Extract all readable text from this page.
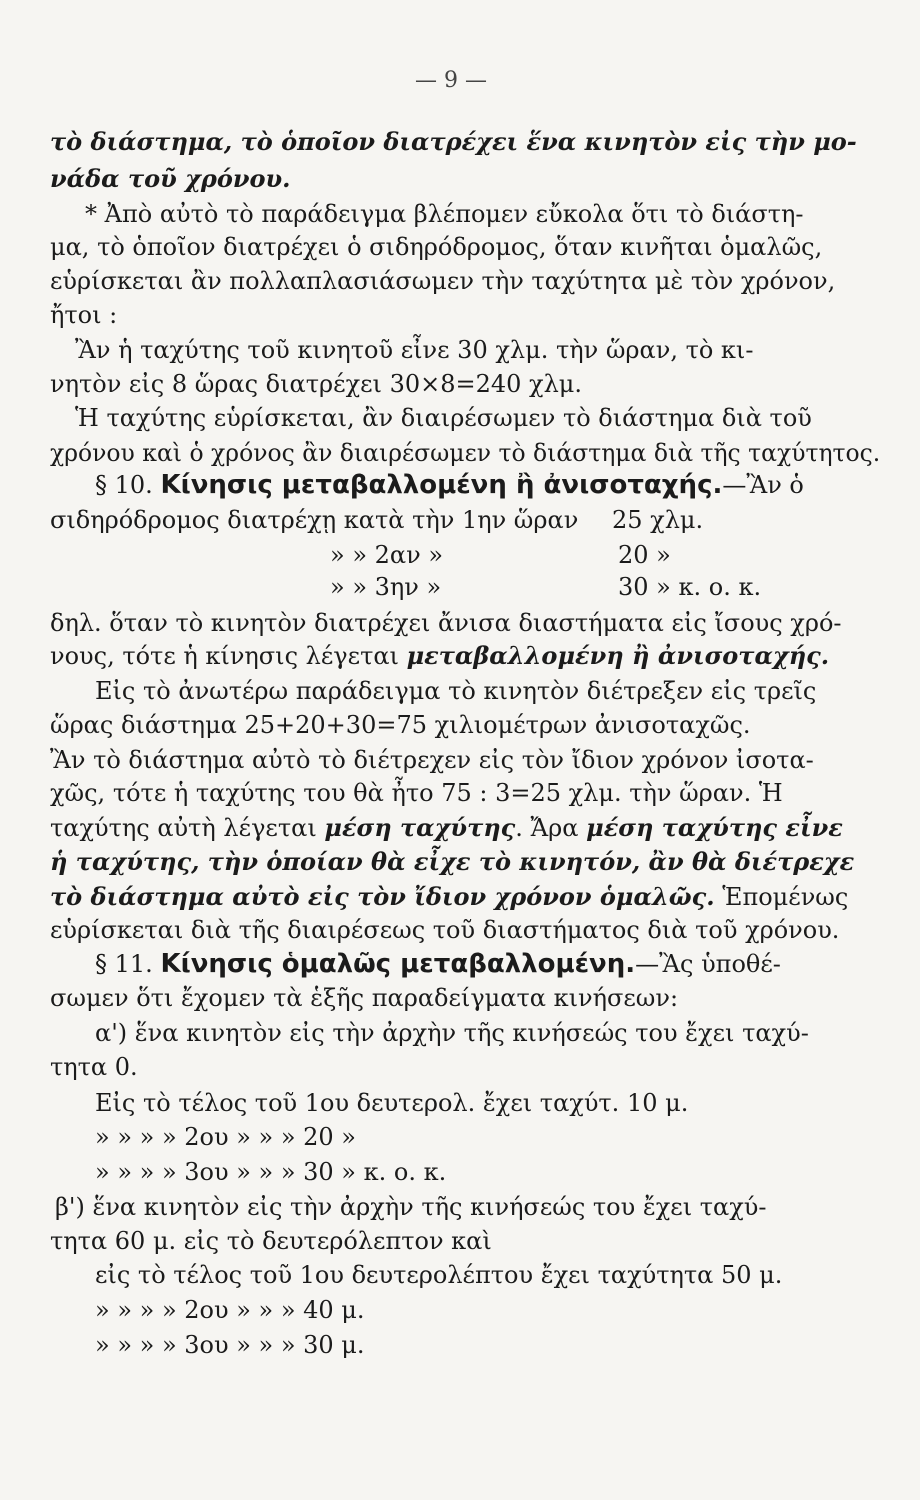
— 9 —
τὸ διάστημα, τὸ ὁποῖον διατρέχει ἕνα κινητὸν εἰς τὴν μο-
νάδα τοῦ χρόνου.
* Ἀπὸ αὐτὸ τὸ παράδειγμα βλέπομεν εὔκολα ὅτι τὸ διάστη-
μα, τὸ ὁποῖον διατρέχει ὁ σιδηρόδρομος, ὅταν κινῆται ὁμαλῶς,
εὑρίσκεται ἂν πολλαπλασιάσωμεν τὴν ταχύτητα μὲ τὸν χρόνον,
ἤτοι :
Ἂν ἡ ταχύτης τοῦ κινητοῦ εἶνε 30 χλμ. τὴν ὥραν, τὸ κι-
νητὸν εἰς 8 ὥρας διατρέχει 30×8=240 χλμ.
Ἡ ταχύτης εὑρίσκεται, ἂν διαιρέσωμεν τὸ διάστημα διὰ τοῦ
χρόνου καὶ ὁ χρόνος ἂν διαιρέσωμεν τὸ διάστημα διὰ τῆς ταχύτητος.
§ 10. Κίνησις μεταβαλλομένη ἢ ἀνισοταχής.—Ἂν ὁ
σιδηρόδρομος διατρέχῃ κατὰ τὴν 1ην ὥραν
» » 2αν »
» » 3ην »
δηλ. ὅταν τὸ κινητὸν διατρέχει ἄνισα διαστήματα εἰς ἴσους χρό-
νους, τότε ἡ κίνησις λέγεται μεταβαλλομένη ἢ ἀνισοταχής.
Εἰς τὸ ἀνωτέρω παράδειγμα τὸ κινητὸν διέτρεξεν εἰς τρεῖς
ὥρας διάστημα 25+20+30=75 χιλιομέτρων ἀνισοταχῶς.
Ἂν τὸ διάστημα αὐτὸ τὸ διέτρεχεν εἰς τὸν ἴδιον χρόνον ἰσοτα-
χῶς, τότε ἡ ταχύτης του θὰ ἦτο 75 : 3=25 χλμ. τὴν ὥραν. Ἡ
ταχύτης αὐτὴ λέγεται μέση ταχύτης. Ἄρα μέση ταχύτης εἶνε
ἡ ταχύτης, τὴν ὁποίαν θὰ εἶχε τὸ κινητόν, ἂν θὰ διέτρεχε
τὸ διάστημα αὐτὸ εἰς τὸν ἴδιον χρόνον ὁμαλῶς. Ἑπομένως
εὑρίσκεται διὰ τῆς διαιρέσεως τοῦ διαστήματος διὰ τοῦ χρόνου.
§ 11. Κίνησις ὁμαλῶς μεταβαλλομένη.—Ἂς ὑποθέ-
σωμεν ὅτι ἔχομεν τὰ ἑξῆς παραδείγματα κινήσεων:
α') ἕνα κινητὸν εἰς τὴν ἀρχὴν τῆς κινήσεώς του ἔχει ταχύ-
τητα 0.
Εἰς τὸ τέλος τοῦ 1ου δευτερολ. ἔχει ταχύτ. 10 μ.
» » » » 2ου » » » 20 »
» » » » 3ου » » » 30 » κ. ο. κ.
β') ἕνα κινητὸν εἰς τὴν ἀρχὴν τῆς κινήσεώς του ἔχει ταχύ-
τητα 60 μ. εἰς τὸ δευτερόλεπτον καὶ
εἰς τὸ τέλος τοῦ 1ου δευτερολέπτου ἔχει ταχύτητα 50 μ.
» » » » 2ου » » » 40 μ.
» » » » 3ου » » » 30 μ.
25 χλμ.
20 »
30 » κ. ο. κ.
